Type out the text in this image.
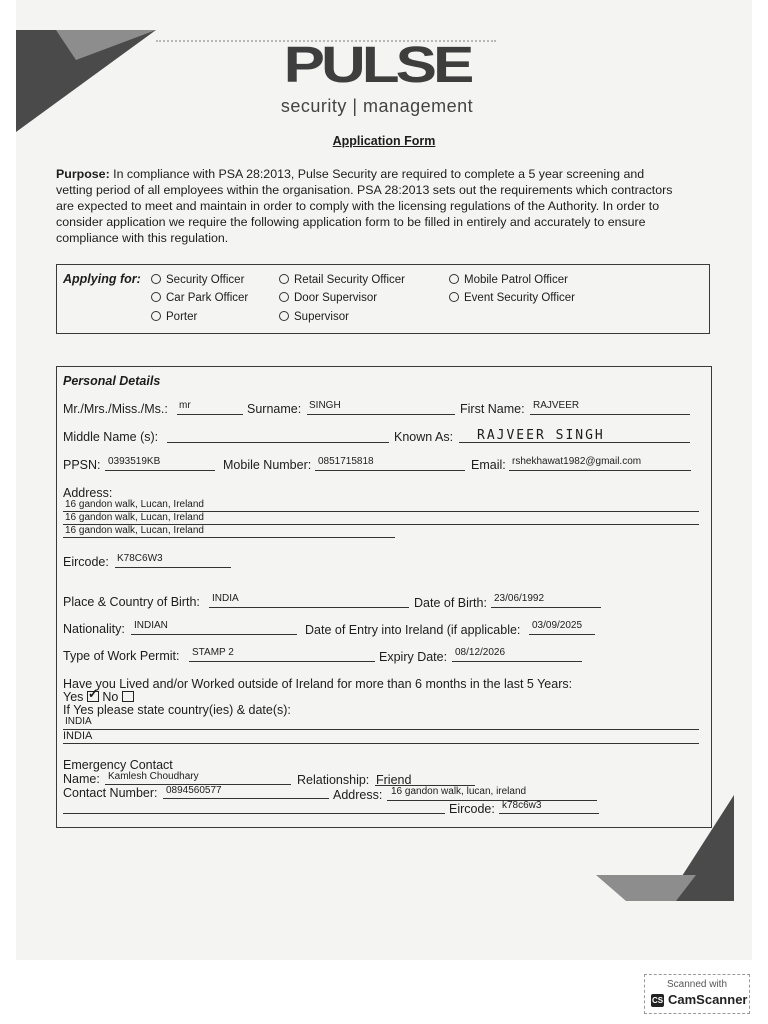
PULSE
security | management
Application Form
Purpose: In compliance with PSA 28:2013, Pulse Security are required to complete a 5 year screening and vetting period of all employees within the organisation. PSA 28:2013 sets out the requirements which contractors are expected to meet and maintain in order to comply with the licensing regulations of the Authority. In order to consider application we require the following application form to be filled in entirely and accurately to ensure compliance with this regulation.
Applying for:	Security Officer
Car Park Officer
Porter
Retail Security Officer
Door Supervisor
Supervisor
Mobile Patrol Officer
Event Security Officer
Personal Details
Mr./Mrs./Miss./Ms.: mr	Surname: SINGH	First Name: RAJVEER
Middle Name (s):	Known As: RAJVEER SINGH
PPSN: 0393519KB	Mobile Number: 0851715818	Email: rshekhawat1982@gmail.com
Address:
16 gandon walk, Lucan, Ireland
16 gandon walk, Lucan, Ireland
16 gandon walk, Lucan, Ireland
Eircode: K78C6W3
Place & Country of Birth: INDIA	Date of Birth: 23/06/1992
Nationality: INDIAN	Date of Entry into Ireland (if applicable: 03/09/2025
Type of Work Permit: STAMP 2	Expiry Date: 08/12/2026
Have you Lived and/or Worked outside of Ireland for more than 6 months in the last 5 Years:
Yes ✓ No
If Yes please state country(ies) & date(s):
INDIA
INDIA
Emergency Contact
Name: Kamlesh Choudhary	Relationship: Friend
Contact Number: 0894560577	Address: 16 gandon walk, lucan, ireland
Eircode: k78c6w3
Scanned with
CS CamScanner
